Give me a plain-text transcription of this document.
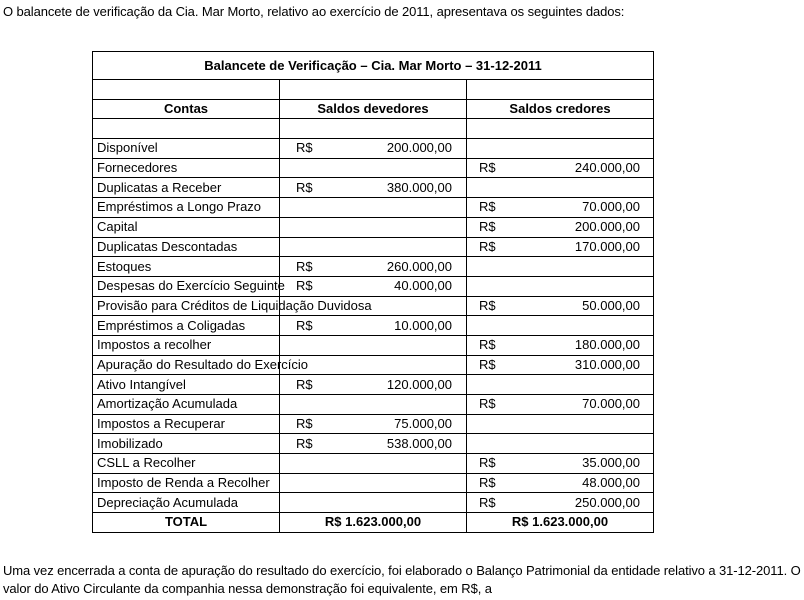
O balancete de verificação da Cia. Mar Morto, relativo ao exercício de 2011, apresentava os seguintes dados:
Balancete de Verificação – Cia. Mar Morto – 31-12-2011		

Contas	Saldos devedores	Saldos credores

Disponível	R$ 200.000,00	

Fornecedores		R$ 240.000,00

Duplicatas a Receber	R$ 380.000,00	

Empréstimos a Longo Prazo		R$ 70.000,00

Capital		R$ 200.000,00

Duplicatas Descontadas		R$ 170.000,00

Estoques	R$ 260.000,00	

Despesas do Exercício Seguinte	R$ 40.000,00	

Provisão para Créditos de Liquidação Duvidosa		R$ 50.000,00

Empréstimos a Coligadas	R$ 10.000,00	

Impostos a recolher		R$ 180.000,00

Apuração do Resultado do Exercício		R$ 310.000,00

Ativo Intangível	R$ 120.000,00	

Amortização Acumulada		R$ 70.000,00

Impostos a Recuperar	R$ 75.000,00	

Imobilizado	R$ 538.000,00	

CSLL a Recolher		R$ 35.000,00

Imposto de Renda a Recolher		R$ 48.000,00

Depreciação Acumulada		R$ 250.000,00

TOTAL	R$ 1.623.000,00	R$ 1.623.000,00
Uma vez encerrada a conta de apuração do resultado do exercício, foi elaborado o Balanço Patrimonial da entidade relativo a 31-12-2011. O valor do Ativo Circulante da companhia nessa demonstração foi equivalente, em R$, a
